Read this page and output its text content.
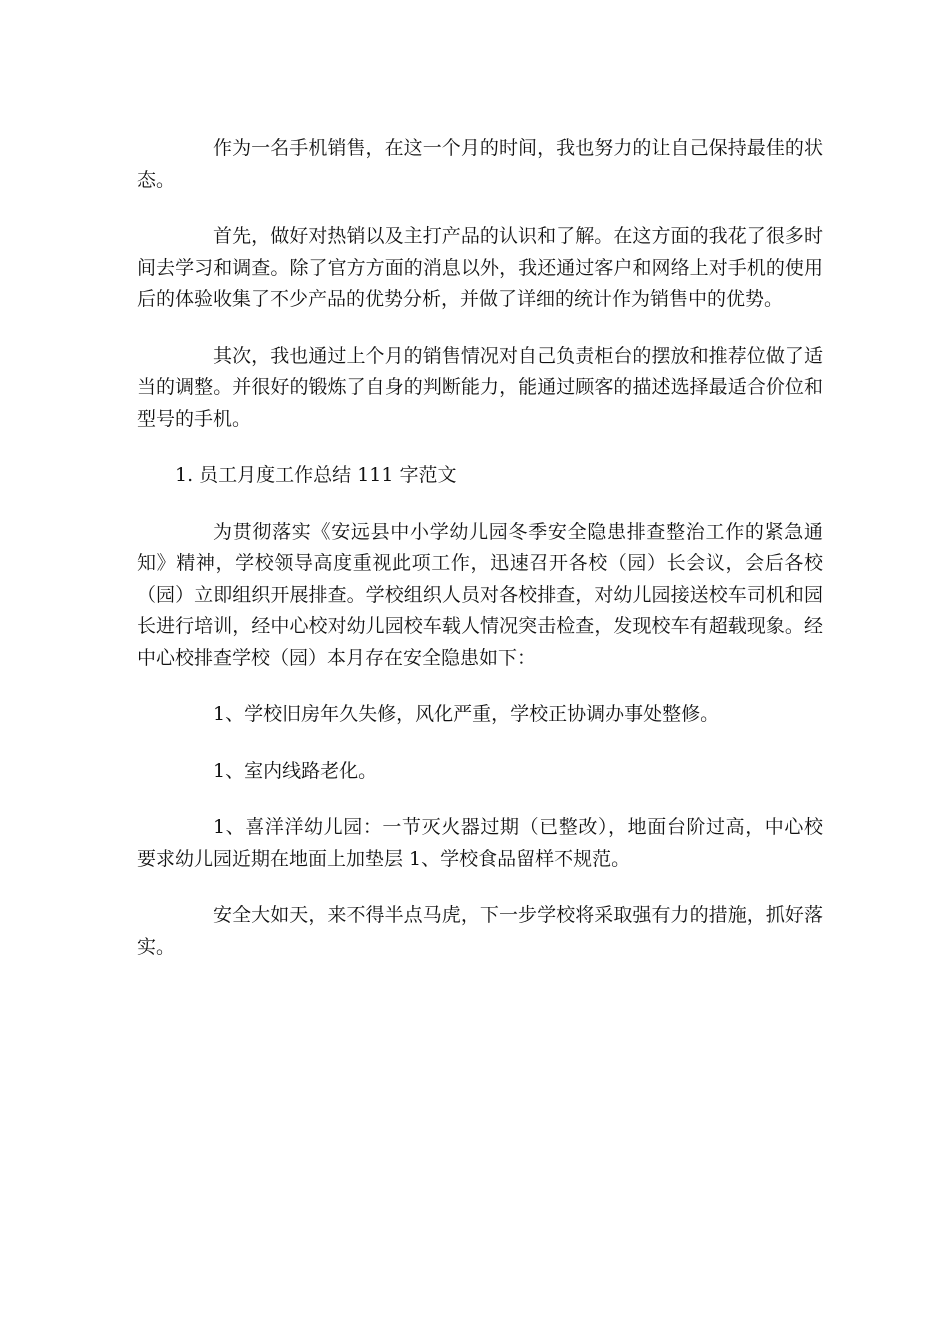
作为一名手机销售，在这一个月的时间，我也努力的让自己保持最佳的状态。

首先，做好对热销以及主打产品的认识和了解。在这方面的我花了很多时间去学习和调查。除了官方方面的消息以外，我还通过客户和网络上对手机的使用后的体验收集了不少产品的优势分析，并做了详细的统计作为销售中的优势。

其次，我也通过上个月的销售情况对自己负责柜台的摆放和推荐位做了适当的调整。并很好的锻炼了自身的判断能力，能通过顾客的描述选择最适合价位和型号的手机。

1. 员工月度工作总结 111 字范文

为贯彻落实《安远县中小学幼儿园冬季安全隐患排查整治工作的紧急通知》精神，学校领导高度重视此项工作，迅速召开各校（园）长会议，会后各校（园）立即组织开展排查。学校组织人员对各校排查，对幼儿园接送校车司机和园长进行培训，经中心校对幼儿园校车载人情况突击检查，发现校车有超载现象。经中心校排查学校（园）本月存在安全隐患如下：

1、学校旧房年久失修，风化严重，学校正协调办事处整修。

1、室内线路老化。

1、喜洋洋幼儿园：一节灭火器过期（已整改），地面台阶过高，中心校要求幼儿园近期在地面上加垫层 1、学校食品留样不规范。

安全大如天，来不得半点马虎，下一步学校将采取强有力的措施，抓好落实。
